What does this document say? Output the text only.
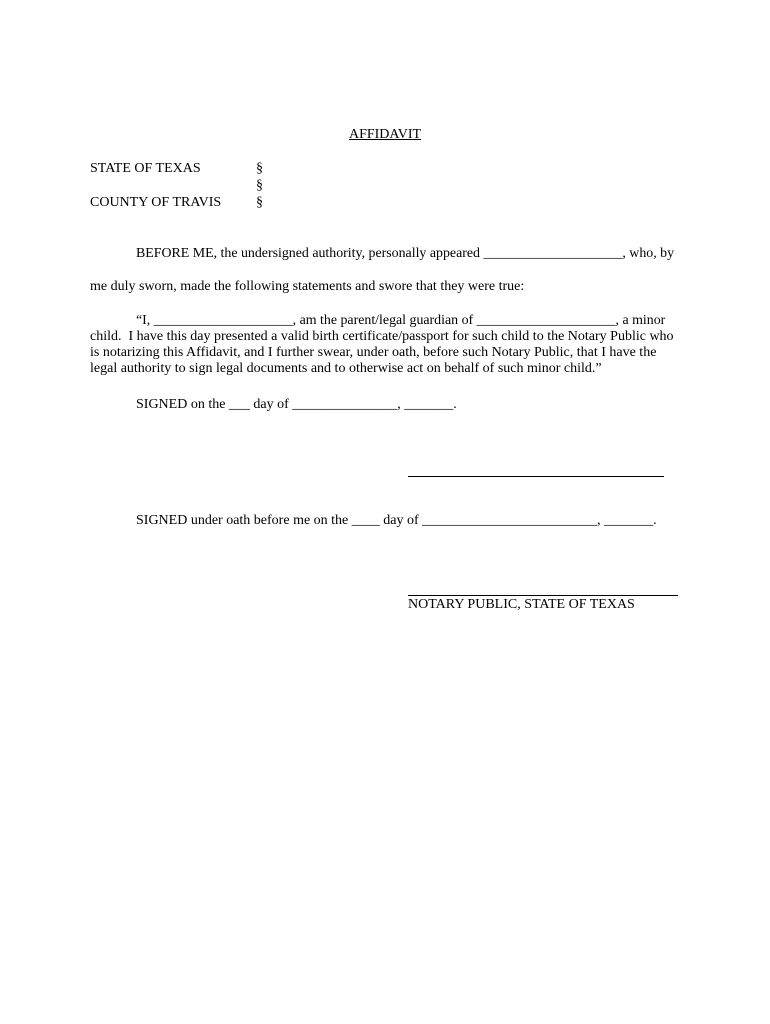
AFFIDAVIT
STATE OF TEXAS	§
§
COUNTY OF TRAVIS §
BEFORE ME, the undersigned authority, personally appeared ____________________, who, by
me duly sworn, made the following statements and swore that they were true:
“I, ____________________, am the parent/legal guardian of ____________________, a minor
child.  I have this day presented a valid birth certificate/passport for such child to the Notary Public who
is notarizing this Affidavit, and I further swear, under oath, before such Notary Public, that I have the
legal authority to sign legal documents and to otherwise act on behalf of such minor child.”
SIGNED on the ___ day of _______________, _______.
SIGNED under oath before me on the ____ day of _________________________, _______.
NOTARY PUBLIC, STATE OF TEXAS
